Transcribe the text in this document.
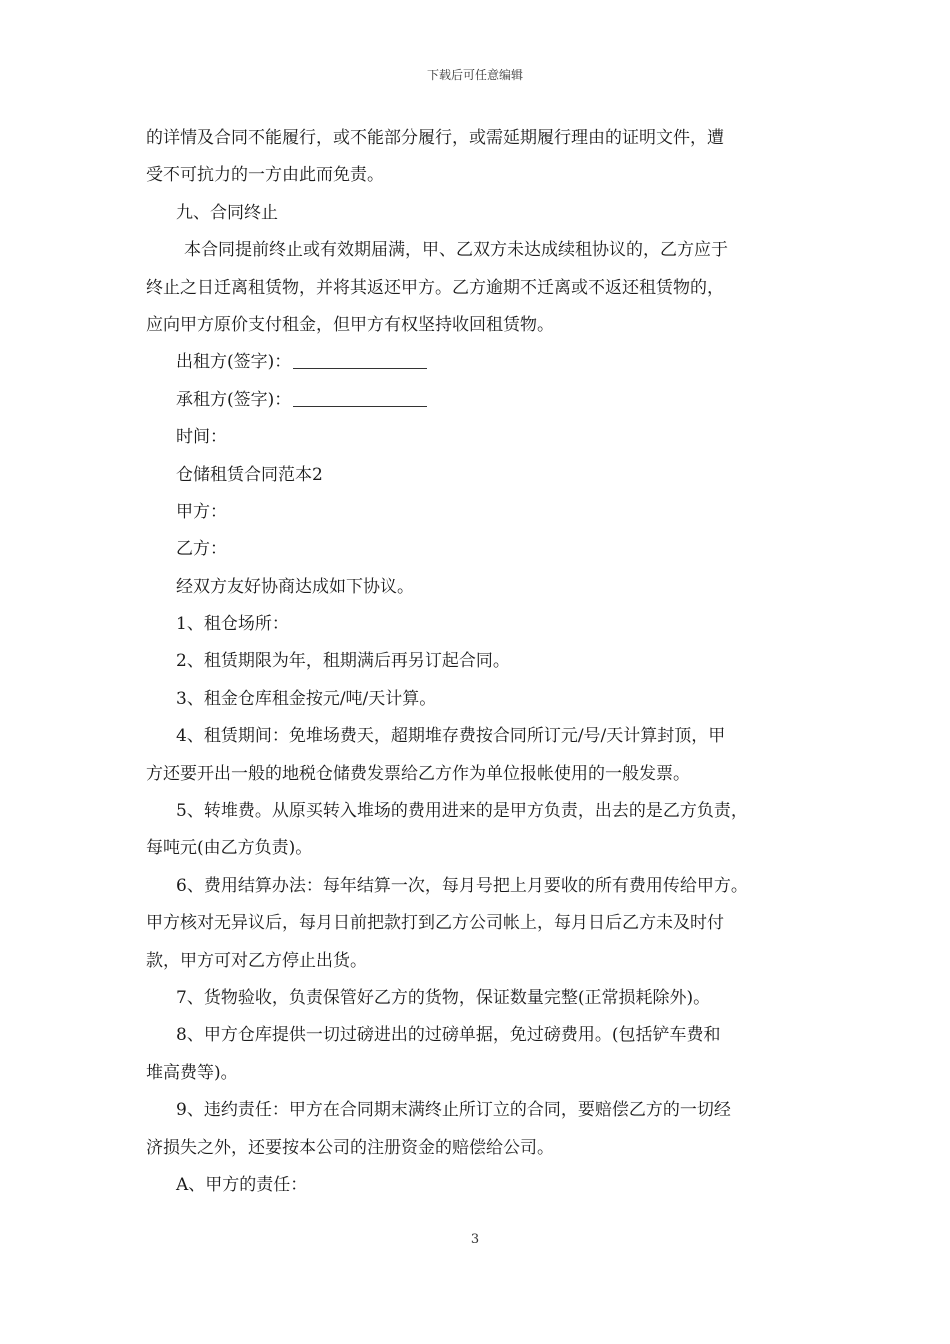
下载后可任意编辑
的详情及合同不能履行，或不能部分履行，或需延期履行理由的证明文件，遭
受不可抗力的一方由此而免责。
九、合同终止
本合同提前终止或有效期届满，甲、乙双方未达成续租协议的，乙方应于
终止之日迁离租赁物，并将其返还甲方。乙方逾期不迁离或不返还租赁物的，
应向甲方原价支付租金，但甲方有权坚持收回租赁物。
出租方(签字)：
承租方(签字)：
时间：
仓储租赁合同范本2
甲方：
乙方：
经双方友好协商达成如下协议。
1、租仓场所：
2、租赁期限为年，租期满后再另订起合同。
3、租金仓库租金按元/吨/天计算。
4、租赁期间：免堆场费天，超期堆存费按合同所订元/号/天计算封顶，甲
方还要开出一般的地税仓储费发票给乙方作为单位报帐使用的一般发票。
5、转堆费。从原买转入堆场的费用进来的是甲方负责，出去的是乙方负责，
每吨元(由乙方负责)。
6、费用结算办法：每年结算一次，每月号把上月要收的所有费用传给甲方。
甲方核对无异议后，每月日前把款打到乙方公司帐上，每月日后乙方未及时付
款，甲方可对乙方停止出货。
7、货物验收，负责保管好乙方的货物，保证数量完整(正常损耗除外)。
8、甲方仓库提供一切过磅进出的过磅单据，免过磅费用。(包括铲车费和
堆高费等)。
9、违约责任：甲方在合同期末满终止所订立的合同，要赔偿乙方的一切经
济损失之外，还要按本公司的注册资金的赔偿给公司。
A、甲方的责任：
3
